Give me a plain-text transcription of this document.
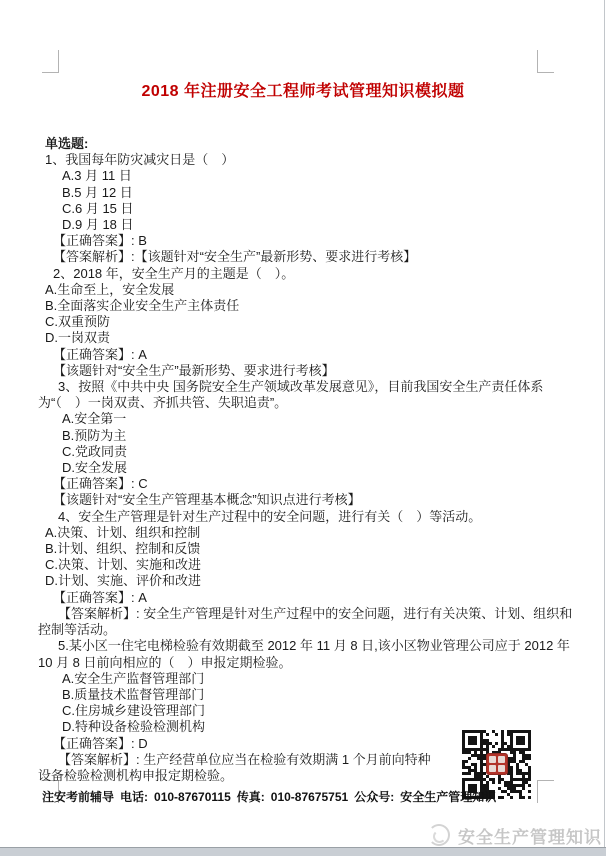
2018 年注册安全工程师考试管理知识模拟题
单选题:
1、我国每年防灾减灾日是（　）
A.3 月 11 日
B.5 月 12 日
C.6 月 15 日
D.9 月 18 日
【正确答案】: B
【答案解析】:【该题针对“安全生产”最新形势、要求进行考核】
2、2018 年，安全生产月的主题是（　）。
A.生命至上，安全发展
B.全面落实企业安全生产主体责任
C.双重预防
D.一岗双责
【正确答案】: A
【该题针对“安全生产”最新形势、要求进行考核】
3、按照《中共中央 国务院安全生产领域改革发展意见》，目前我国安全生产责任体系为“（　）一岗双责、齐抓共管、失职追责”。
A.安全第一
B.预防为主
C.党政同责
D.安全发展
【正确答案】: C
【该题针对“安全生产管理基本概念”知识点进行考核】
4、安全生产管理是针对生产过程中的安全问题，进行有关（　）等活动。
A.决策、计划、组织和控制
B.计划、组织、控制和反馈
C.决策、计划、实施和改进
D.计划、实施、评价和改进
【正确答案】: A
【答案解析】: 安全生产管理是针对生产过程中的安全问题，进行有关决策、计划、组织和控制等活动。
5.某小区一住宅电梯检验有效期截至 2012 年 11 月 8 日,该小区物业管理公司应于 2012 年 10 月 8 日前向相应的（　）申报定期检验。
A.安全生产监督管理部门
B.质量技术监督管理部门
C.住房城乡建设管理部门
D.特种设备检验检测机构
【正确答案】: D
【答案解析】: 生产经营单位应当在检验有效期满 1 个月前向特种设备检验检测机构申报定期检验。
注安考前辅导 电话: 010-87670115 传真: 010-87675751 公众号: 安全生产管理知识
安全生产管理知识
